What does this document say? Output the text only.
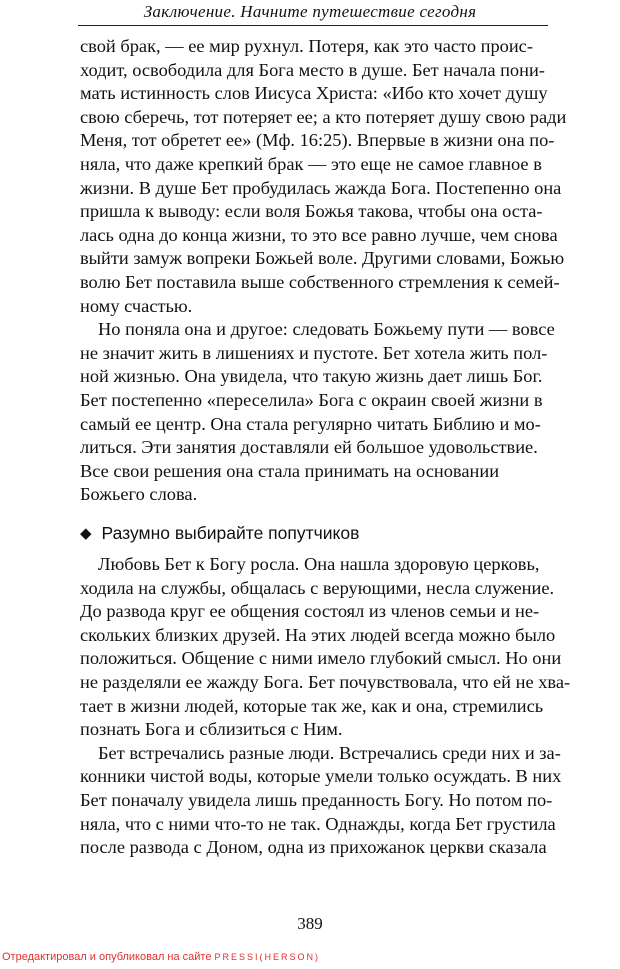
Заключение. Начните путешествие сегодня
свой брак, — ее мир рухнул. Потеря, как это часто проис-
ходит, освободила для Бога место в душе. Бет начала пони-
мать истинность слов Иисуса Христа: «Ибо кто хочет душу
свою сберечь, тот потеряет ее; а кто потеряет душу свою ради
Меня, тот обретет ее» (Мф. 16:25). Впервые в жизни она по-
няла, что даже крепкий брак — это еще не самое главное в
жизни. В душе Бет пробудилась жажда Бога. Постепенно она
пришла к выводу: если воля Божья такова, чтобы она оста-
лась одна до конца жизни, то это все равно лучше, чем снова
выйти замуж вопреки Божьей воле. Другими словами, Божью
волю Бет поставила выше собственного стремления к семей-
ному счастью.
Но поняла она и другое: следовать Божьему пути — вовсе
не значит жить в лишениях и пустоте. Бет хотела жить пол-
ной жизнью. Она увидела, что такую жизнь дает лишь Бог.
Бет постепенно «переселила» Бога с окраин своей жизни в
самый ее центр. Она стала регулярно читать Библию и мо-
литься. Эти занятия доставляли ей большое удовольствие.
Все свои решения она стала принимать на основании
Божьего слова.
◆ Разумно выбирайте попутчиков
Любовь Бет к Богу росла. Она нашла здоровую церковь,
ходила на службы, общалась с верующими, несла служение.
До развода круг ее общения состоял из членов семьи и не-
скольких близких друзей. На этих людей всегда можно было
положиться. Общение с ними имело глубокий смысл. Но они
не разделяли ее жажду Бога. Бет почувствовала, что ей не хва-
тает в жизни людей, которые так же, как и она, стремились
познать Бога и сблизиться с Ним.
Бет встречались разные люди. Встречались среди них и за-
конники чистой воды, которые умели только осуждать. В них
Бет поначалу увидела лишь преданность Богу. Но потом по-
няла, что с ними что-то не так. Однажды, когда Бет грустила
после развода с Доном, одна из прихожанок церкви сказала
389
Отредактировал и опубликовал на сайте PRESSI(HERSON)
